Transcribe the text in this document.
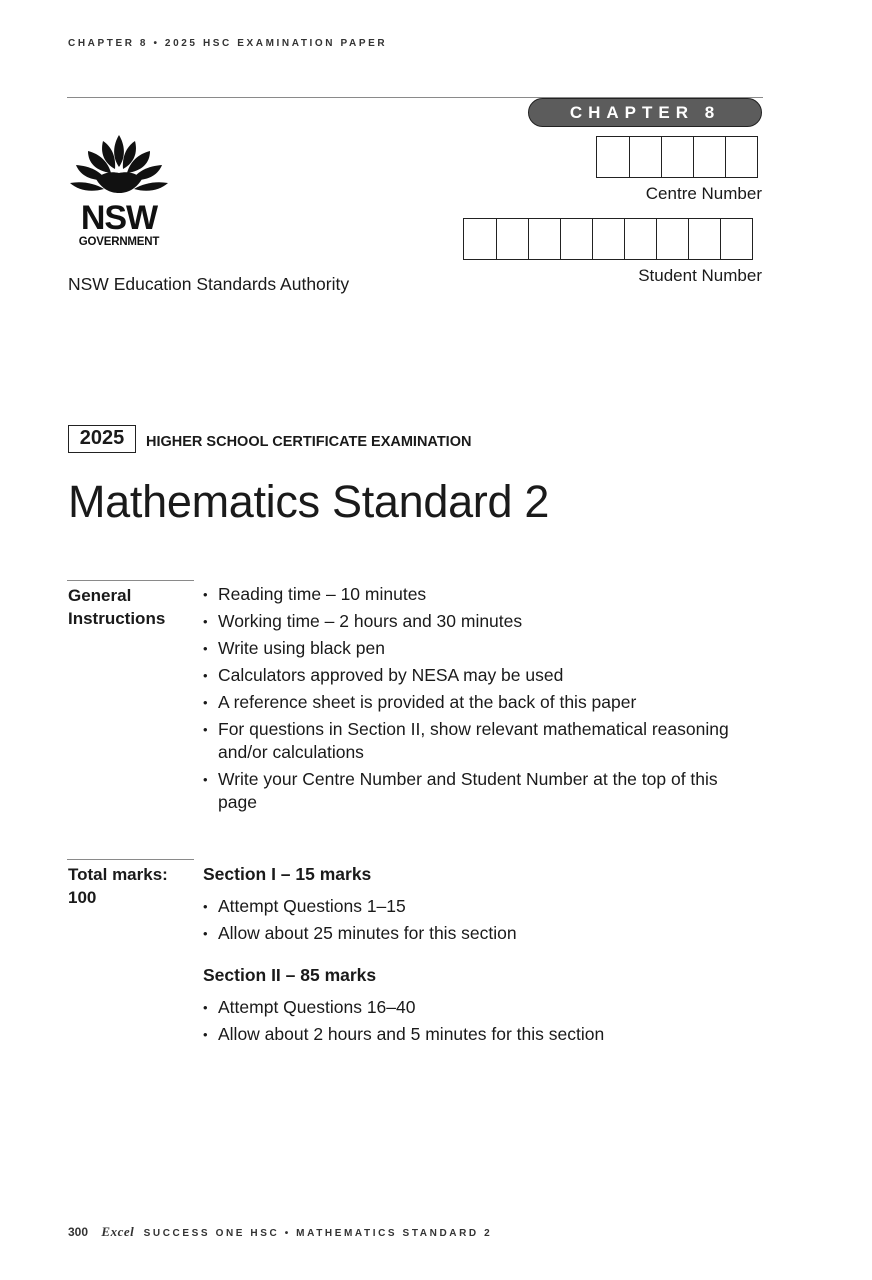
CHAPTER 8 • 2025 HSC EXAMINATION PAPER
CHAPTER 8
Centre Number
Student Number
NSW
GOVERNMENT
NSW Education Standards Authority
2025	HIGHER SCHOOL CERTIFICATE EXAMINATION
Mathematics Standard 2
General Instructions
• Reading time – 10 minutes
• Working time – 2 hours and 30 minutes
• Write using black pen
• Calculators approved by NESA may be used
• A reference sheet is provided at the back of this paper
• For questions in Section II, show relevant mathematical reasoning and/or calculations
• Write your Centre Number and Student Number at the top of this page
Total marks:
100
Section I – 15 marks
• Attempt Questions 1–15
• Allow about 25 minutes for this section
Section II – 85 marks
• Attempt Questions 16–40
• Allow about 2 hours and 5 minutes for this section
300 Excel SUCCESS ONE HSC • MATHEMATICS STANDARD 2
